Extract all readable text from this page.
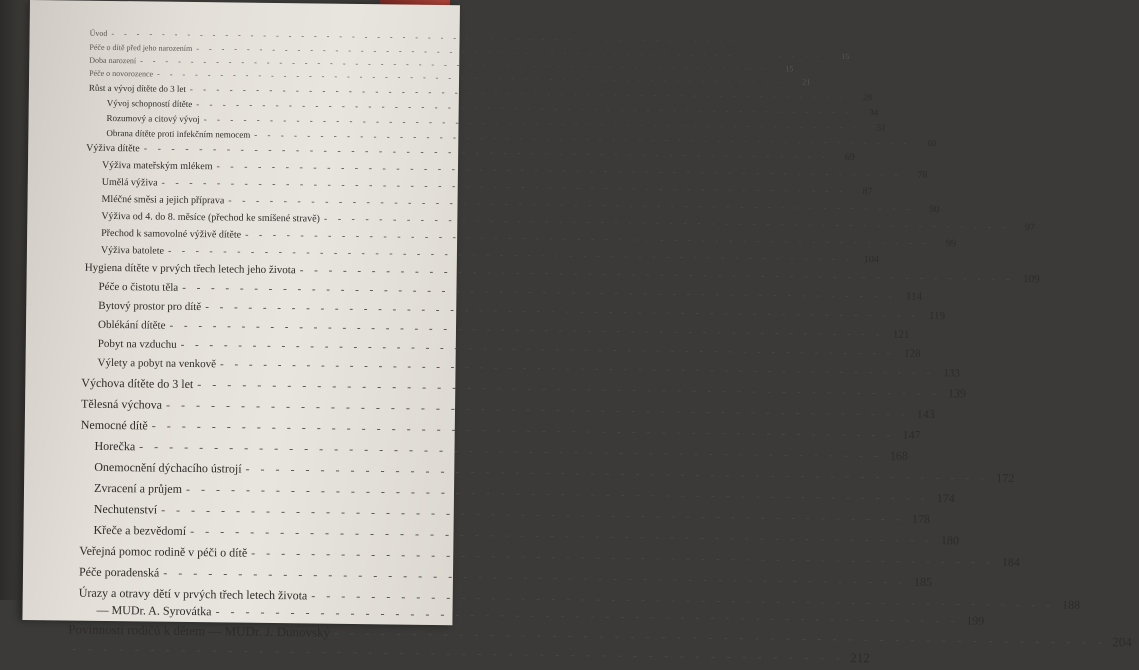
Úvod
- - -
Péče o dítě před jeho narozením
- - -
15
Doba narození
- - -
15
Péče o novorozence
- - -
21
Růst a vývoj dítěte do 3 let
- - -
28
Vývoj schopností dítěte
- - -
34
Rozumový a citový vývoj
- - -
51
Obrana dítěte proti infekčním nemocem
- - -
60
Výživa dítěte
- - -
69
Výživa mateřským mlékem
- - -
78
Umělá výživa
- - -
87
Mléčné směsi a jejich příprava
- - -
90
Výživa od 4. do 8. měsíce (přechod ke smíšené stravě)
- - -
97
Přechod k samovolné výživě dítěte
- - -
99
Výživa batolete
- - -
104
Hygiena dítěte v prvých třech letech jeho života
- - -
109
Péče o čistotu těla
- - -
114
Bytový prostor pro dítě
- - -
119
Oblékání dítěte
- - -
121
Pobyt na vzduchu
- - -
128
Výlety a pobyt na venkově
- - -
133
Výchova dítěte do 3 let
- - -
139
Tělesná výchova
- - -
143
Nemocné dítě
- - -
147
Horečka
- - -
168
Onemocnění dýchacího ústrojí
- - -
172
Zvracení a průjem
- - -
174
Nechutenství
- - -
178
Křeče a bezvědomí
- - -
180
Veřejná pomoc rodině v péči o dítě
- - -
184
Péče poradenská
- - -
185
Úrazy a otravy dětí v prvých třech letech života
- - -
188
— MUDr. A. Syrovátka
- - -
199
Povinnosti rodičů k dětem — MUDr. J. Dunovský
- - -
204
- - -
212
